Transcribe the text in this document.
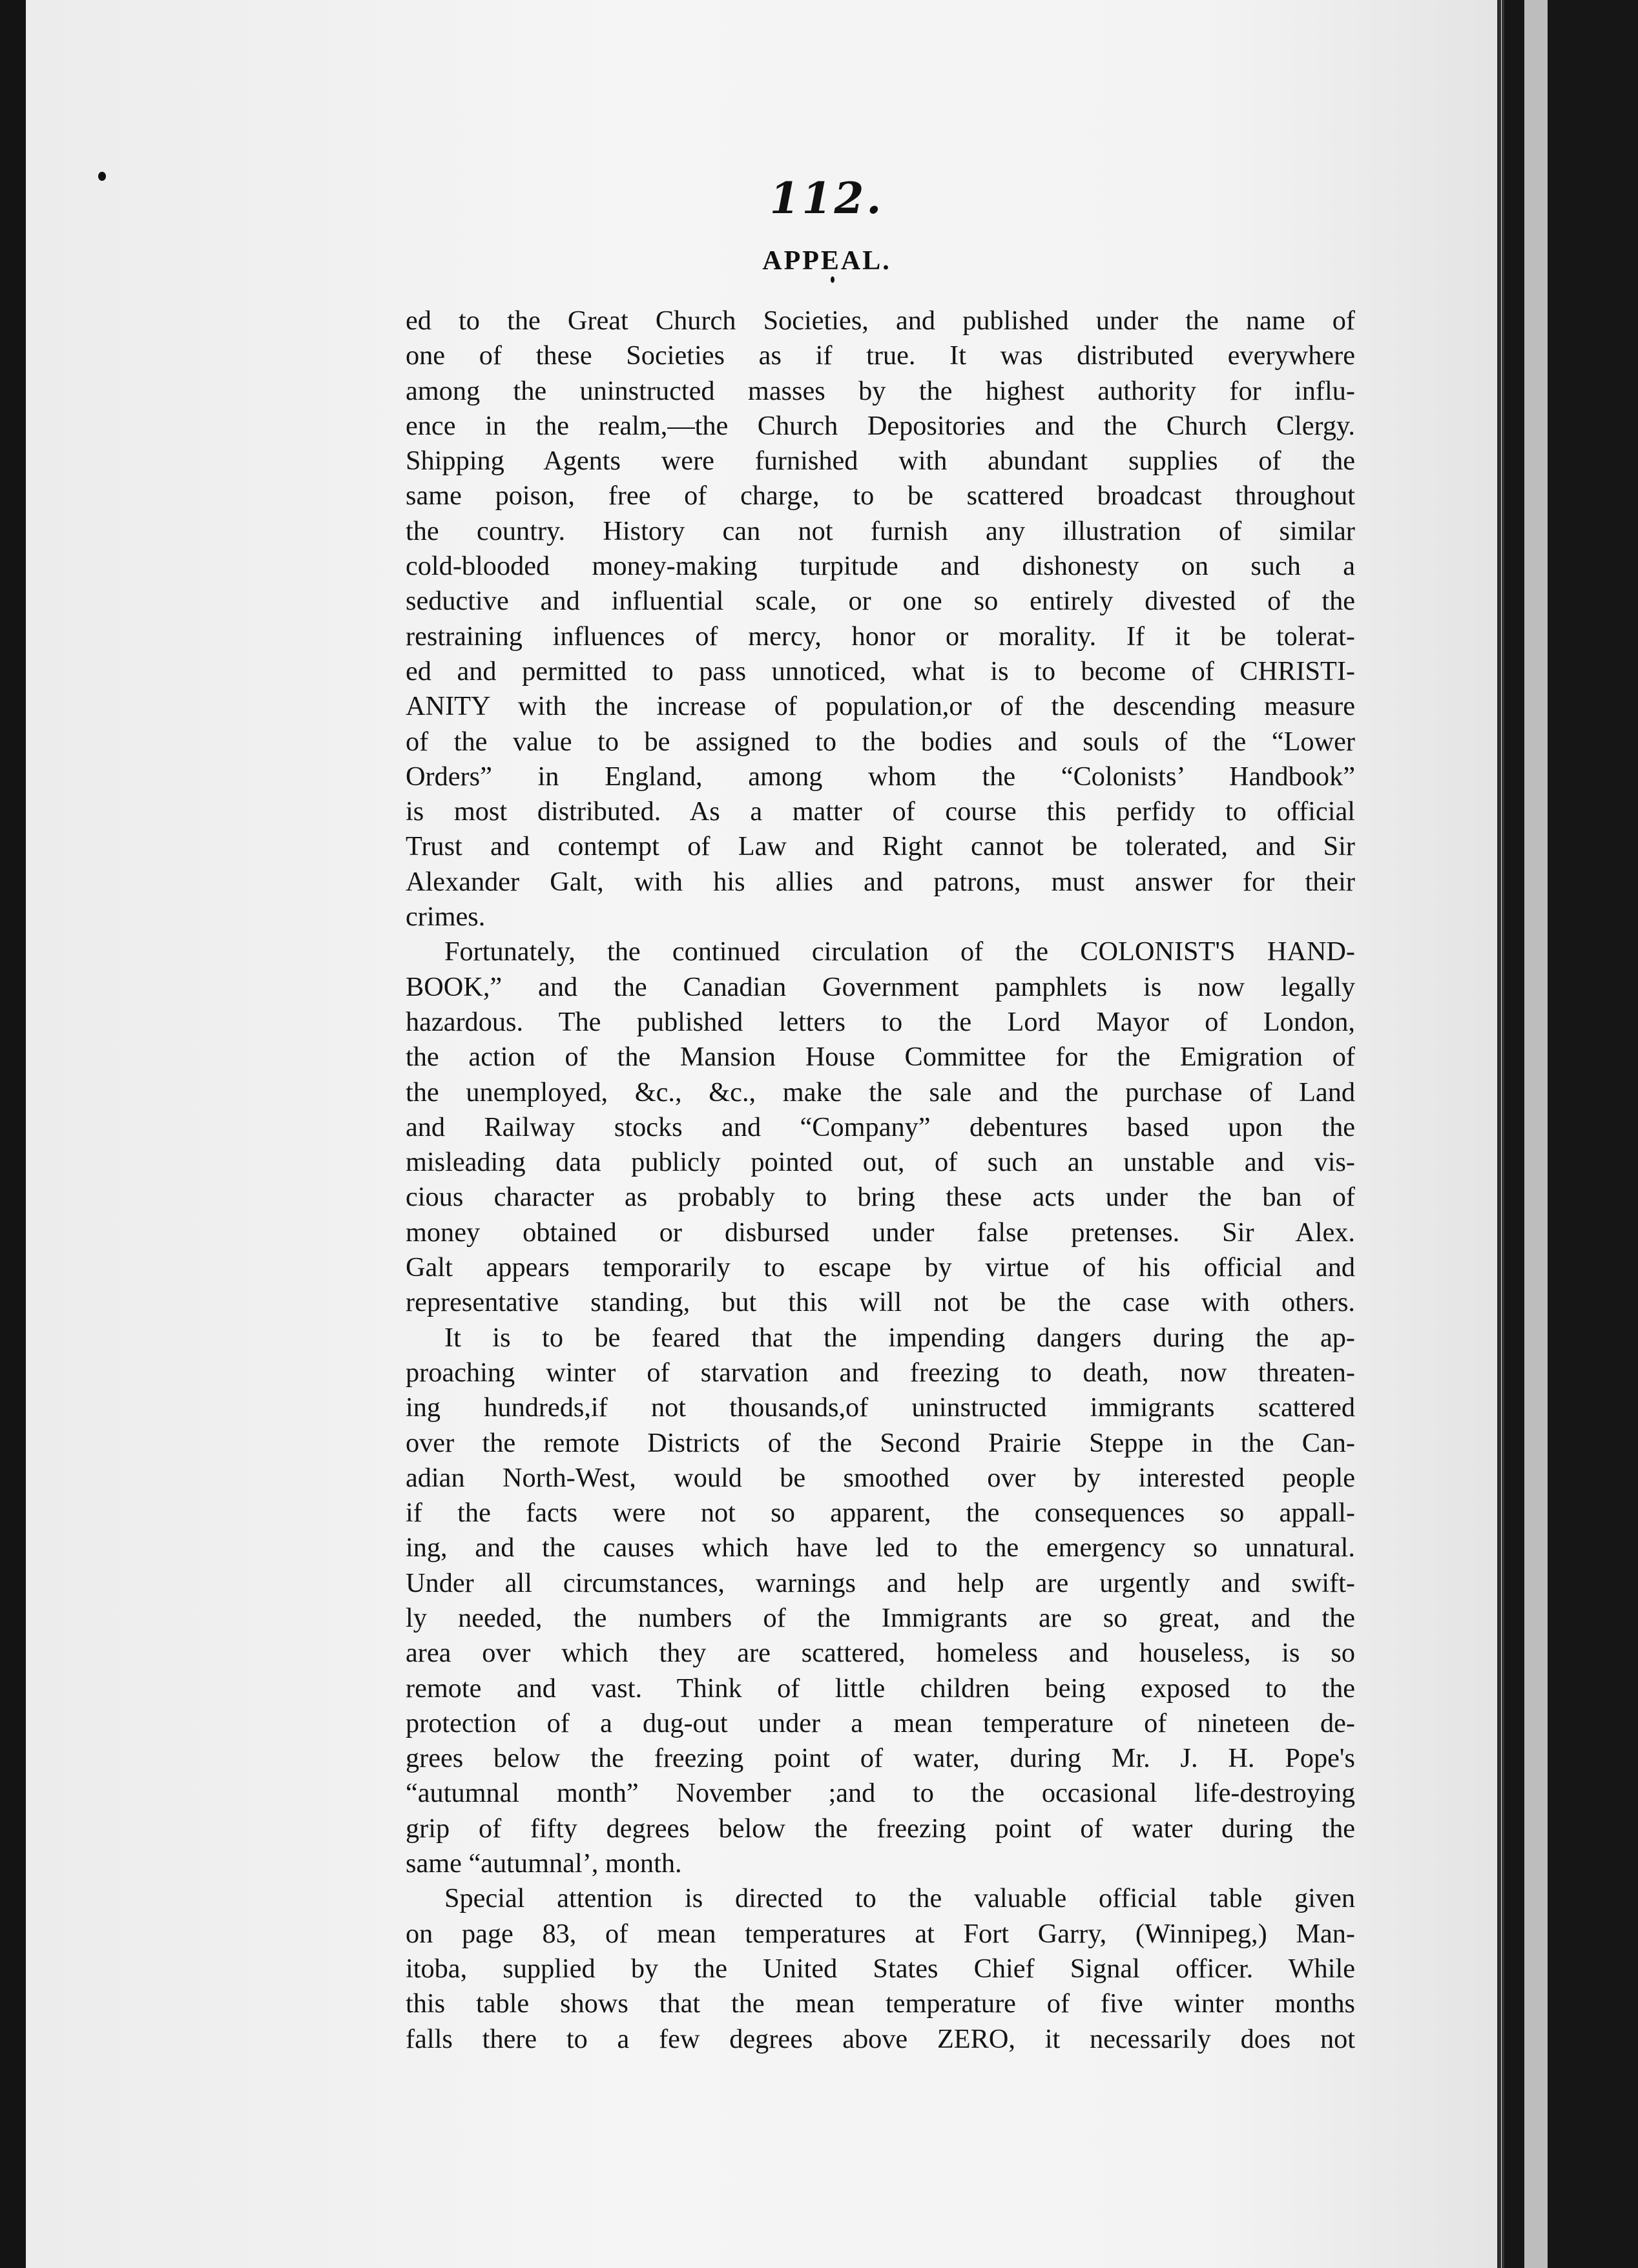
112.
APPEAL.
ed to the Great Church Societies, and published under the name of
one of these Societies as if true. It was distributed everywhere
among the uninstructed masses by the highest authority for influ-
ence in the realm,—the Church Depositories and the Church Clergy.
Shipping Agents were furnished with abundant supplies of the
same poison, free of charge, to be scattered broadcast throughout
the country. History can not furnish any illustration of similar
cold-blooded money-making turpitude and dishonesty on such a
seductive and influential scale, or one so entirely divested of the
restraining influences of mercy, honor or morality. If it be tolerat-
ed and permitted to pass unnoticed, what is to become of CHRISTI-
ANITY with the increase of population,or of the descending measure
of the value to be assigned to the bodies and souls of the “Lower
Orders” in England, among whom the “Colonists’ Handbook”
is most distributed. As a matter of course this perfidy to official
Trust and contempt of Law and Right cannot be tolerated, and Sir
Alexander Galt, with his allies and patrons, must answer for their
crimes.
Fortunately, the continued circulation of the COLONIST'S HAND-
BOOK,” and the Canadian Government pamphlets is now legally
hazardous. The published letters to the Lord Mayor of London,
the action of the Mansion House Committee for the Emigration of
the unemployed, &c., &c., make the sale and the purchase of Land
and Railway stocks and “Company” debentures based upon the
misleading data publicly pointed out, of such an unstable and vis-
cious character as probably to bring these acts under the ban of
money obtained or disbursed under false pretenses. Sir Alex.
Galt appears temporarily to escape by virtue of his official and
representative standing, but this will not be the case with others.
It is to be feared that the impending dangers during the ap-
proaching winter of starvation and freezing to death, now threaten-
ing hundreds,if not thousands,of uninstructed immigrants scattered
over the remote Districts of the Second Prairie Steppe in the Can-
adian North-West, would be smoothed over by interested people
if the facts were not so apparent, the consequences so appall-
ing, and the causes which have led to the emergency so unnatural.
Under all circumstances, warnings and help are urgently and swift-
ly needed, the numbers of the Immigrants are so great, and the
area over which they are scattered, homeless and houseless, is so
remote and vast. Think of little children being exposed to the
protection of a dug-out under a mean temperature of nineteen de-
grees below the freezing point of water, during Mr. J. H. Pope's
“autumnal month” November ;and to the occasional life-destroying
grip of fifty degrees below the freezing point of water during the
same “autumnal’, month.
Special attention is directed to the valuable official table given
on page 83, of mean temperatures at Fort Garry, (Winnipeg,) Man-
itoba, supplied by the United States Chief Signal officer. While
this table shows that the mean temperature of five winter months
falls there to a few degrees above ZERO, it necessarily does not
